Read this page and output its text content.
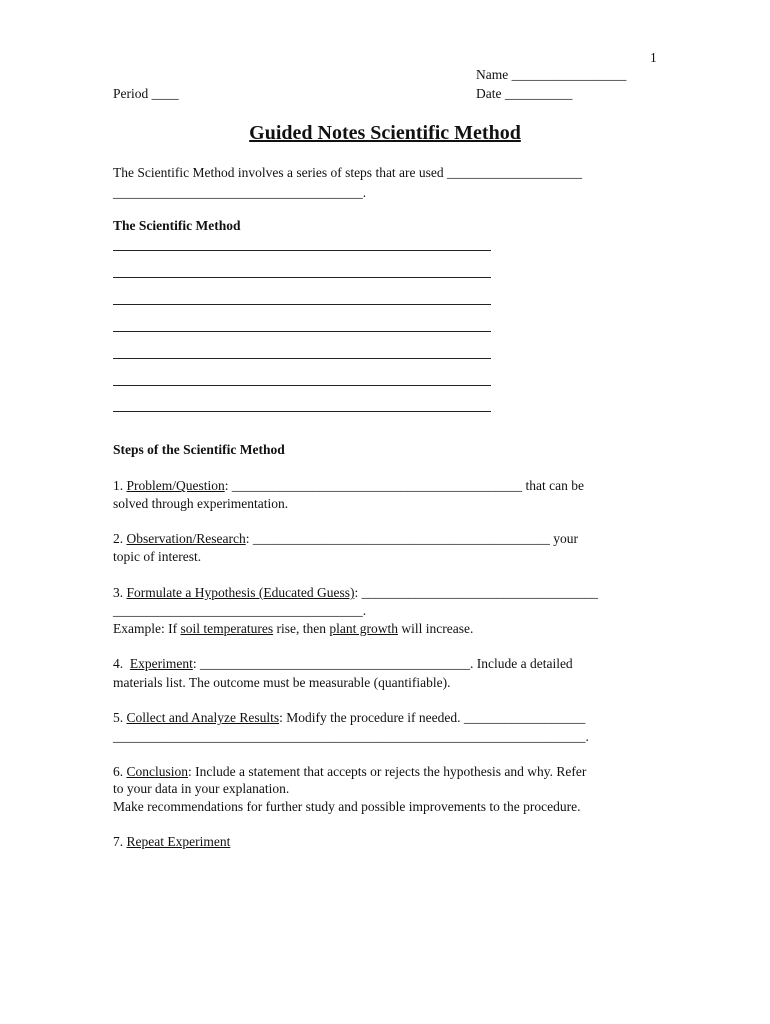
1
Name _________________
Period ____	Date __________
Guided Notes Scientific Method
The Scientific Method involves a series of steps that are used ____________________
_____________________________________.
The Scientific Method
Steps of the Scientific Method
1. Problem/Question: ___________________________________________ that can be
solved through experimentation.
2. Observation/Research: ____________________________________________ your
topic of interest.
3. Formulate a Hypothesis (Educated Guess): ___________________________________
_____________________________________.
Example: If soil temperatures rise, then plant growth will increase.
4.  Experiment: ________________________________________. Include a detailed
materials list. The outcome must be measurable (quantifiable).
5. Collect and Analyze Results: Modify the procedure if needed. __________________
______________________________________________________________________.
6. Conclusion: Include a statement that accepts or rejects the hypothesis and why. Refer
to your data in your explanation.
Make recommendations for further study and possible improvements to the procedure.
7. Repeat Experiment
